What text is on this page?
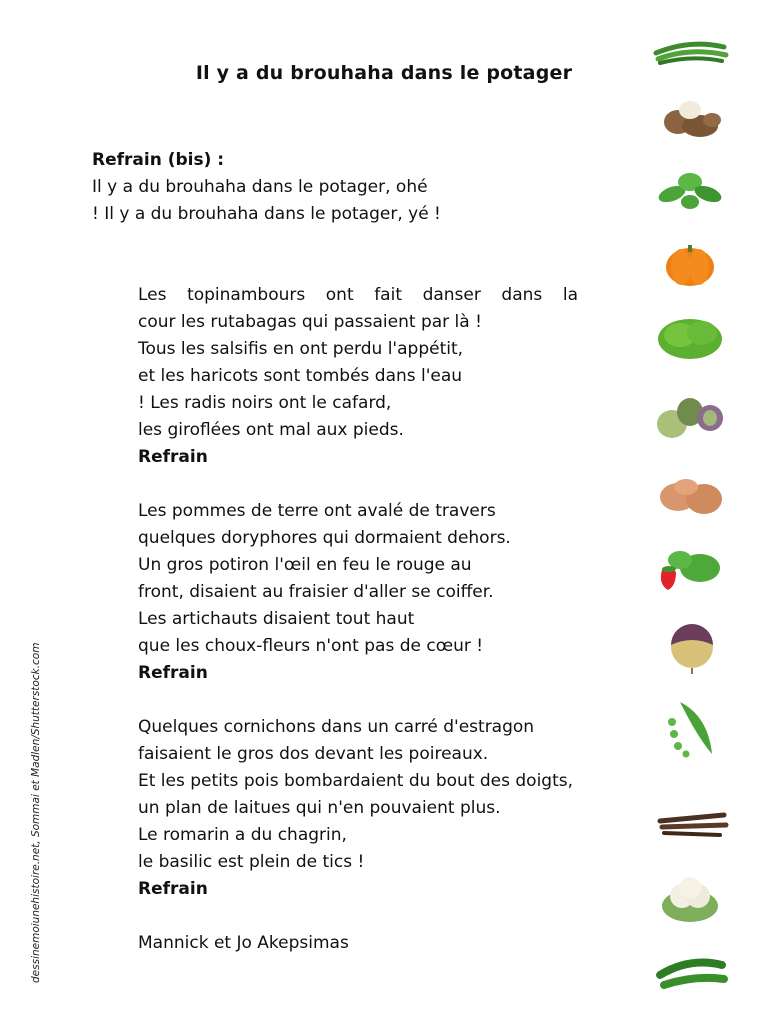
Il y a du brouhaha dans le potager
Refrain (bis) :
Il y a du brouhaha dans le potager, ohé
! Il y a du brouhaha dans le potager, yé !
Les topinambours ont fait danser dans la
cour les rutabagas qui passaient par là !
Tous les salsifis en ont perdu l'appétit,
et les haricots sont tombés dans l'eau
! Les radis noirs ont le cafard,
les giroflées ont mal aux pieds.
Refrain
Les pommes de terre ont avalé de travers
quelques doryphores qui dormaient dehors.
Un gros potiron l'œil en feu le rouge au
front, disaient au fraisier d'aller se coiffer.
Les artichauts disaient tout haut
que les choux-fleurs n'ont pas de cœur !
Refrain
Quelques cornichons dans un carré d'estragon
faisaient le gros dos devant les poireaux.
Et les petits pois bombardaient du bout des doigts,
un plan de laitues qui n'en pouvaient plus.
Le romarin a du chagrin,
le basilic est plein de tics !
Refrain
Mannick et Jo Akepsimas
dessinemoiunehistoire.net, Sommai et Madlen/Shutterstock.com
